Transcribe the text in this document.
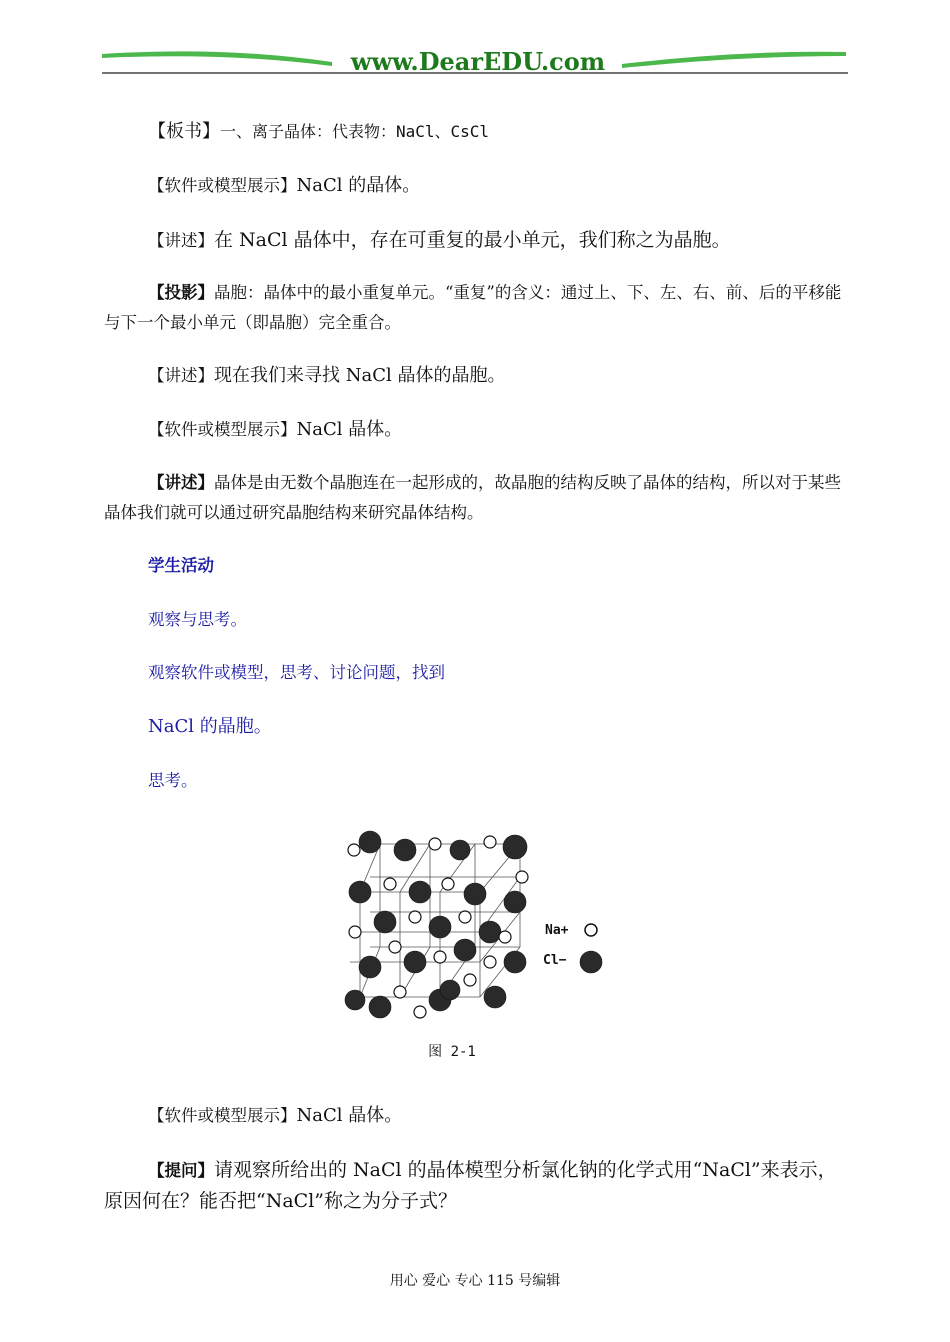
www.DearEDU.com

【板书】一、离子晶体：代表物：NaCl、CsCl

【软件或模型展示】NaCl 的晶体。

【讲述】在 NaCl 晶体中，存在可重复的最小单元，我们称之为晶胞。

【投影】晶胞：晶体中的最小重复单元。“重复”的含义：通过上、下、左、右、前、后的平移能与下一个最小单元（即晶胞）完全重合。

【讲述】现在我们来寻找 NaCl 晶体的晶胞。

【软件或模型展示】NaCl 晶体。

【讲述】晶体是由无数个晶胞连在一起形成的，故晶胞的结构反映了晶体的结构，所以对于某些晶体我们就可以通过研究晶胞结构来研究晶体结构。

学生活动

观察与思考。

观察软件或模型，思考、讨论问题，找到

NaCl 的晶胞。

思考。

Na+
Cl−
图 2-1

【软件或模型展示】NaCl 晶体。

【提问】请观察所给出的 NaCl 的晶体模型分析氯化钠的化学式用“NaCl”来表示，原因何在？能否把“NaCl”称之为分子式？

用心 爱心 专心 115 号编辑
